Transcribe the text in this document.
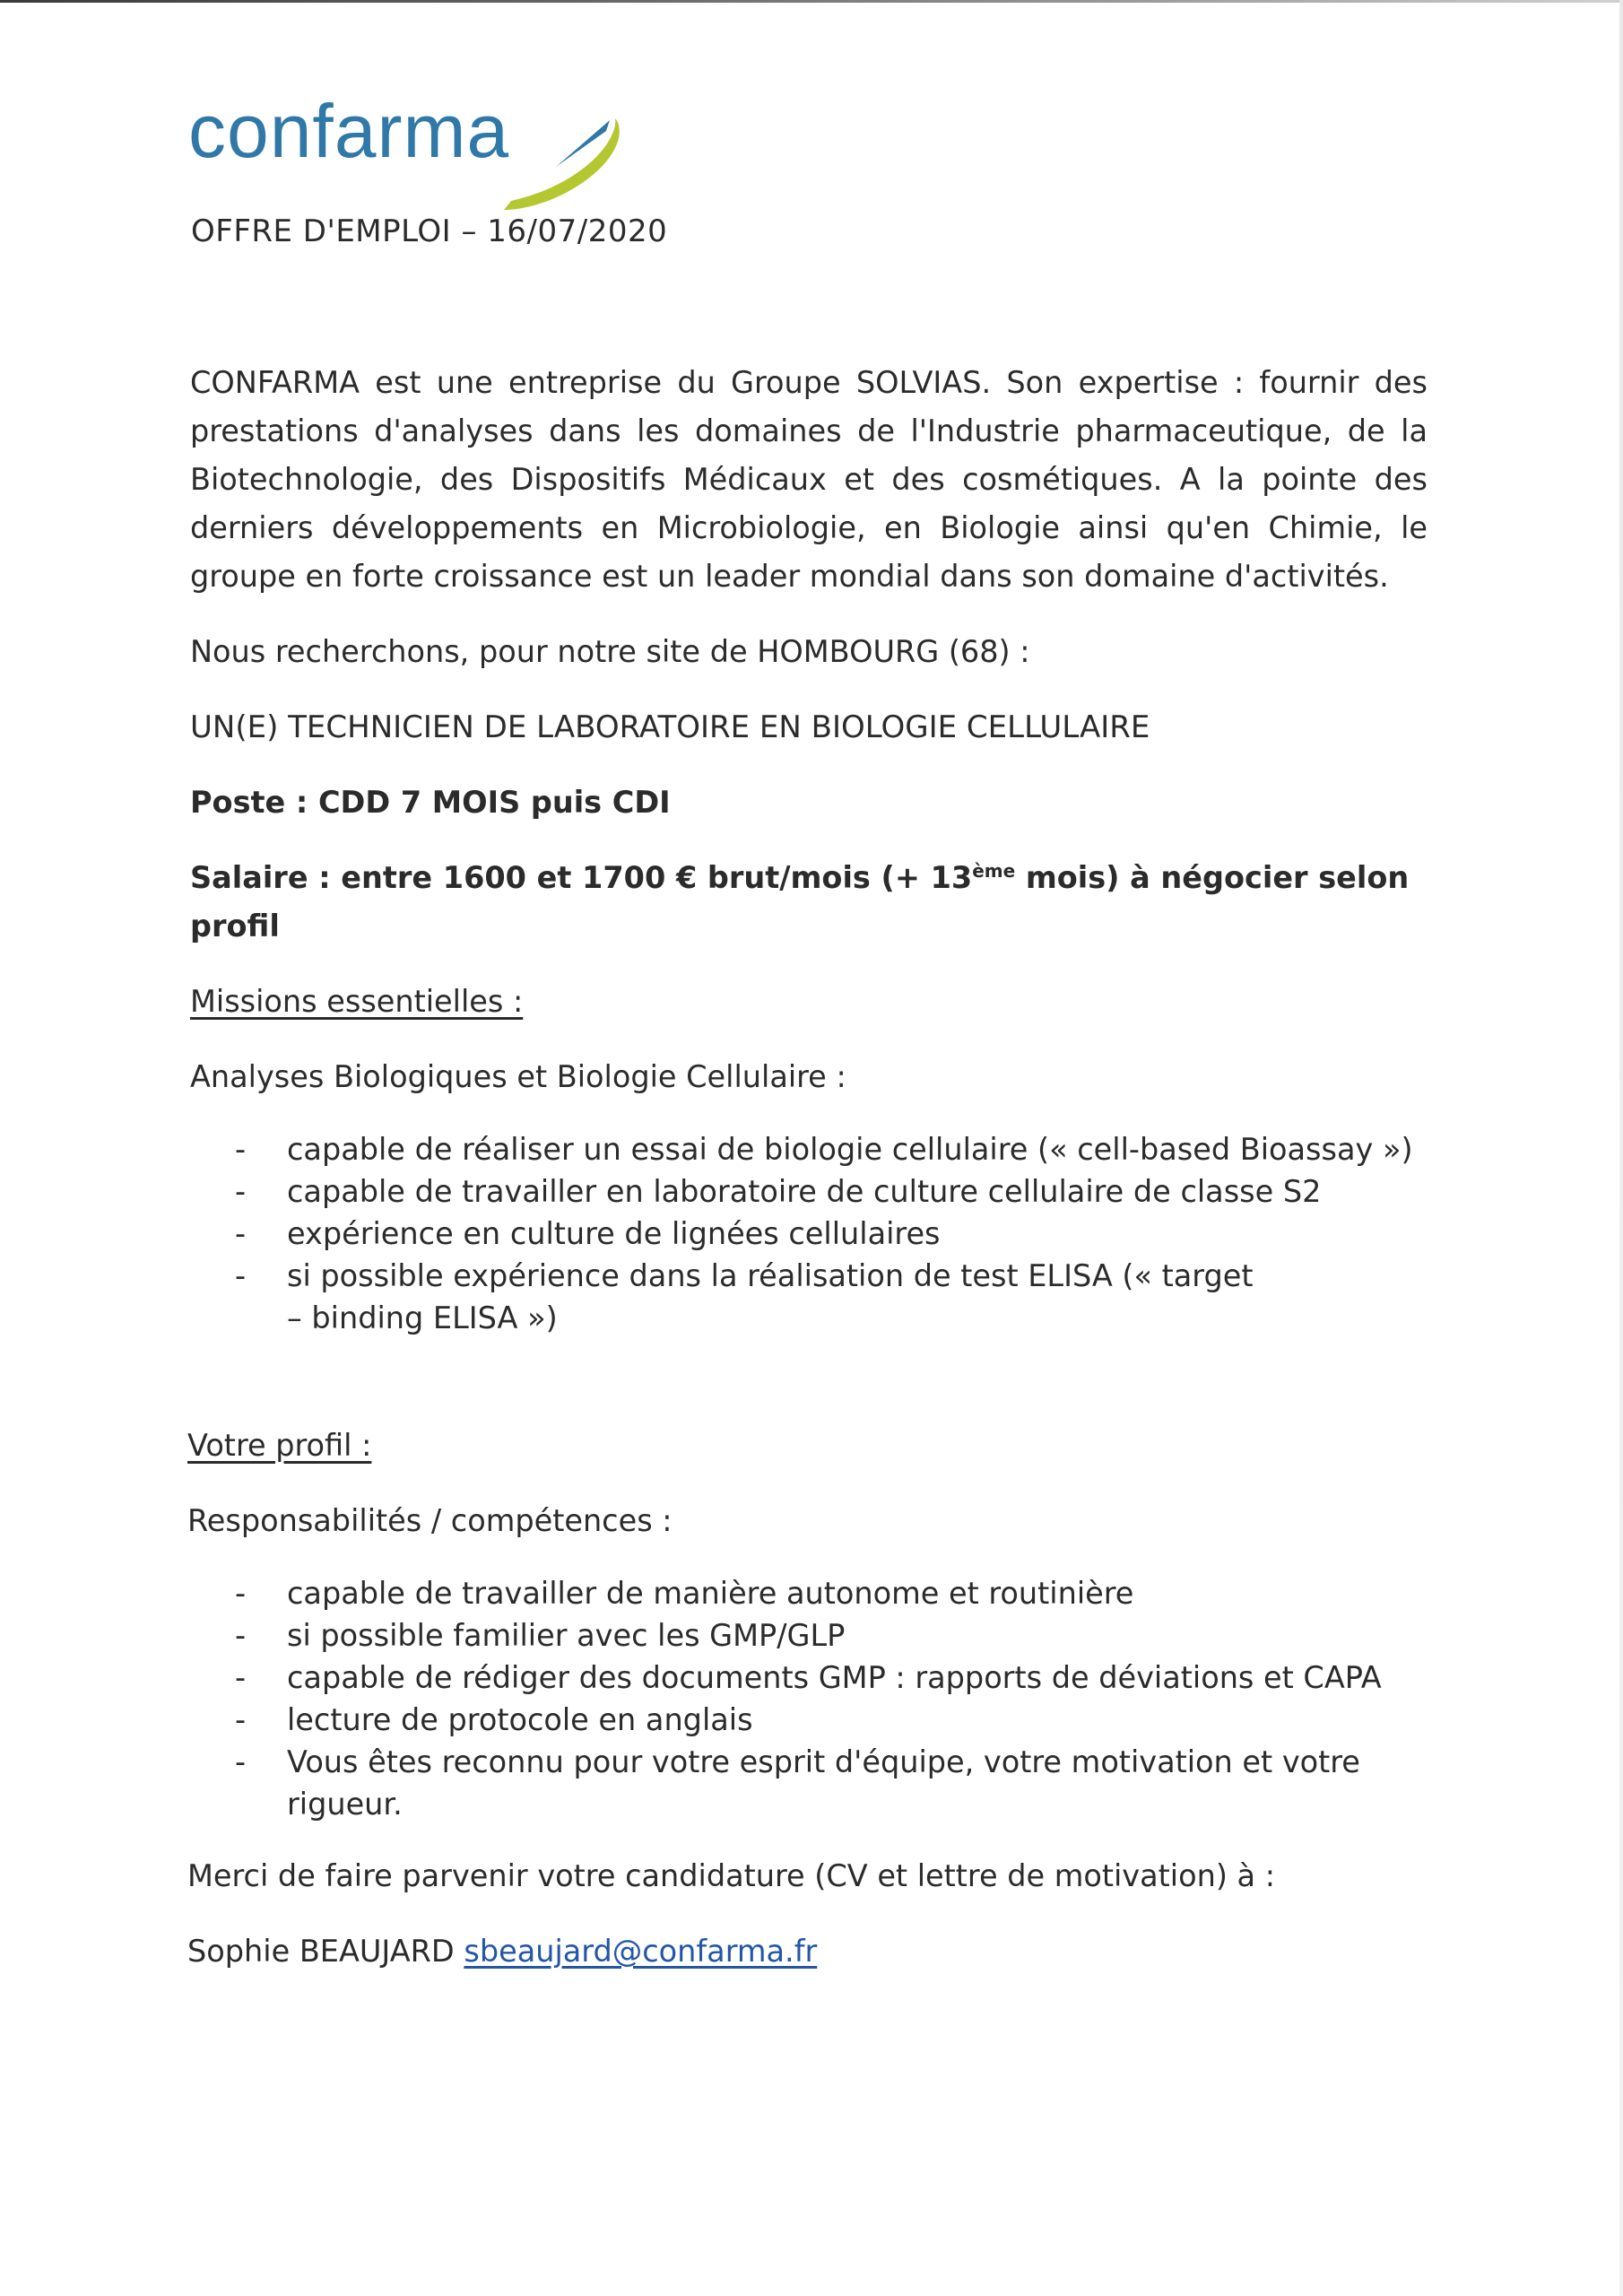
confarma
OFFRE D'EMPLOI – 16/07/2020

CONFARMA est une entreprise du Groupe SOLVIAS. Son expertise : fournir des prestations d'analyses dans les domaines de l'Industrie pharmaceutique, de la Biotechnologie, des Dispositifs Médicaux et des cosmétiques. A la pointe des derniers développements en Microbiologie, en Biologie ainsi qu'en Chimie, le groupe en forte croissance est un leader mondial dans son domaine d'activités.

Nous recherchons, pour notre site de HOMBOURG (68) :

UN(E) TECHNICIEN DE LABORATOIRE EN BIOLOGIE CELLULAIRE

Poste : CDD 7 MOIS puis CDI

Salaire : entre 1600 et 1700 € brut/mois (+ 13ème mois) à négocier selon profil

Missions essentielles :

Analyses Biologiques et Biologie Cellulaire :

- capable de réaliser un essai de biologie cellulaire (« cell-based Bioassay »)
- capable de travailler en laboratoire de culture cellulaire de classe S2
- expérience en culture de lignées cellulaires
- si possible expérience dans la réalisation de test ELISA (« target – binding ELISA »)

Votre profil :

Responsabilités / compétences :

- capable de travailler de manière autonome et routinière
- si possible familier avec les GMP/GLP
- capable de rédiger des documents GMP : rapports de déviations et CAPA
- lecture de protocole en anglais
- Vous êtes reconnu pour votre esprit d'équipe, votre motivation et votre rigueur.

Merci de faire parvenir votre candidature (CV et lettre de motivation) à :

Sophie BEAUJARD sbeaujard@confarma.fr
